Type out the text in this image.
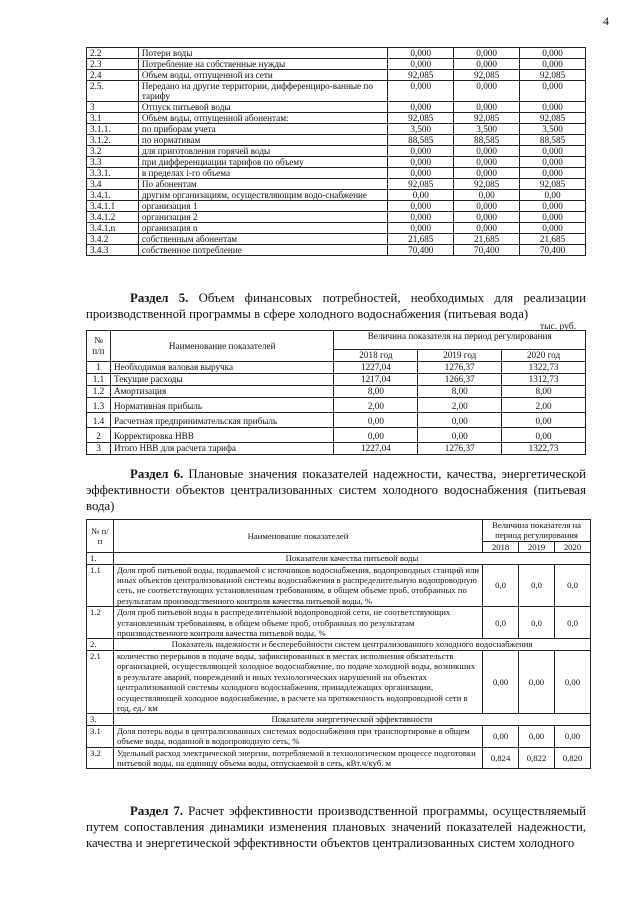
4
2.2	Потери воды	0,000	0,000	0,000
2.3	Потребление на собственные нужды	0,000	0,000	0,000
2.4	Объем воды, отпущенной из сети	92,085	92,085	92,085
2.5.	Передано на другие территории, дифференциро-ванные по тарифу	0,000	0,000	0,000
3	Отпуск питьевой воды	0,000	0,000	0,000
3.1	Объем воды, отпущенной абонентам:	92,085	92,085	92,085
3.1.1.	по приборам учета	3,500	3,500	3,500
3.1.2.	по нормативам	88,585	88,585	88,585
3.2	для приготовления горячей воды	0,000	0,000	0,000
3.3	при дифференциации тарифов по объему	0,000	0,000	0,000
3.3.1.	в пределах i-го объема	0,000	0,000	0,000
3.4	По абонентам	92,085	92,085	92,085
3.4.1.	другим организациям, осуществляющим водо-снабжение	0,00	0,00	0,00
3.4.1.1	организация 1	0,000	0,000	0,000
3.4.1.2	организация 2	0,000	0,000	0,000
3.4.1.n	организация n	0,000	0,000	0,000
3.4.2	собственным абонентам	21,685	21,685	21,685
3.4.3	собственное потребление	70,400	70,400	70,400
Раздел 5. Объем финансовых потребностей, необходимых для реализации производственной программы в сфере холодного водоснабжения (питьевая вода)
тыс. руб.
№ п/п	Наименование показателей	Величина показателя на период регулирования		
		2018 год	2019 год	2020 год
1	Необходимая валовая выручка	1227,04	1276,37	1322,73
1.1	Текущие расходы	1217,04	1266,37	1312,73
1.2	Амортизация	8,00	8,00	8,00
1.3	Нормативная прибыль	2,00	2,00	2,00
1.4	Расчетная предпринимательская прибыль	0,00	0,00	0,00
2	Корректировка НВВ	0,00	0,00	0,00
3	Итого НВВ для расчета тарифа	1227,04	1276,37	1322,73
Раздел 6. Плановые значения показателей надежности, качества, энергетической эффективности объектов централизованных систем холодного водоснабжения (питьевая вода)
№ п/п	Наименование показателей	Величина показателя на период регулирования		
		2018	2019	2020
1.	Показатели качества питьевой воды			
1.1	Доля проб питьевой воды, подаваемой с источников водоснабжения, водопроводных станций или иных объектов централизованной системы водоснабжения в распределительную водопроводную сеть, не соответствующих установленным требованиям, в общем объеме проб, отобранных по результатам производственного контроля качества питьевой воды, %	0,0	0,0	0,0
1.2	Доля проб питьевой воды в распределительной водопроводной сети, не соответствующих установленным требованиям, в общем объеме проб, отобранных по результатам производственного контроля качества питьевой воды, %	0,0	0,0	0,0
2.	Показатель надежности и бесперебойности систем централизованного холодного водоснабжения			
2.1	количество перерывов в подаче воды, зафиксированных в местах исполнения обязательств организацией, осуществляющей холодное водоснабжение, по подаче холодной воды, возникших в результате аварий, повреждений и иных технологических нарушений на объектах централизованной системы холодного водоснабжения, принадлежащих организации, осуществляющей холодное водоснабжение, в расчете на протяженность водопроводной сети в год, ед./ км	0,00	0,00	0,00
3.	Показатели энергетической эффективности			
3.1	Доля потерь воды в централизованных системах водоснабжения при транспортировке в общем объеме воды, поданной в водопроводную сеть, %	0,00	0,00	0,00
3.2	Удельный расход электрической энергии, потребляемой в технологическом процессе подготовки питьевой воды, на единицу объема воды, отпускаемой в сеть, кВт.ч/куб. м	0,824	0,822	0,820
Раздел 7. Расчет эффективности производственной программы, осуществляемый путем сопоставления динамики изменения плановых значений показателей надежности, качества и энергетической эффективности объектов централизованных систем холодного
